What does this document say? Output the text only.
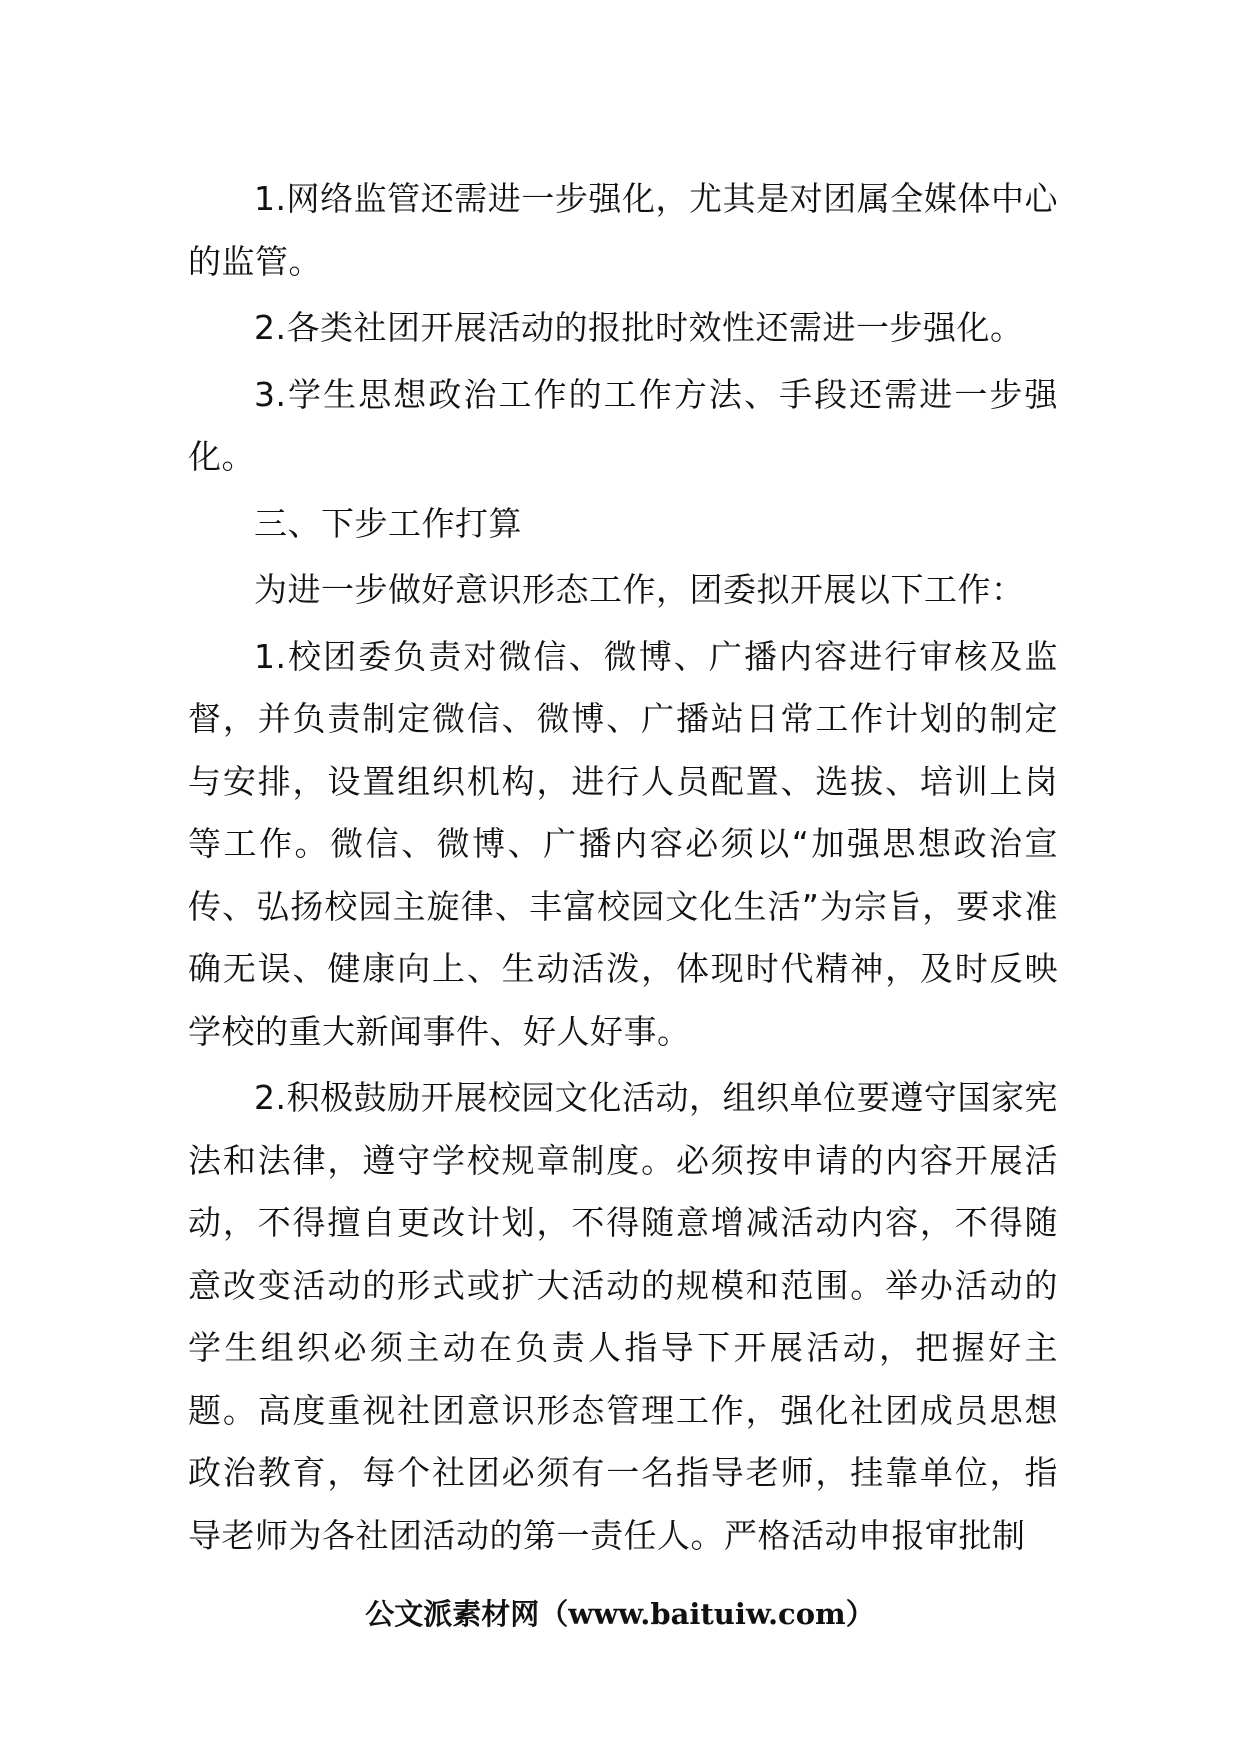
1.网络监管还需进一步强化，尤其是对团属全媒体中心的监管。

2.各类社团开展活动的报批时效性还需进一步强化。

3.学生思想政治工作的工作方法、手段还需进一步强化。

三、下步工作打算

为进一步做好意识形态工作，团委拟开展以下工作：

1.校团委负责对微信、微博、广播内容进行审核及监督，并负责制定微信、微博、广播站日常工作计划的制定与安排，设置组织机构，进行人员配置、选拔、培训上岗等工作。微信、微博、广播内容必须以“加强思想政治宣传、弘扬校园主旋律、丰富校园文化生活”为宗旨，要求准确无误、健康向上、生动活泼，体现时代精神，及时反映学校的重大新闻事件、好人好事。

2.积极鼓励开展校园文化活动，组织单位要遵守国家宪法和法律，遵守学校规章制度。必须按申请的内容开展活动，不得擅自更改计划，不得随意增减活动内容，不得随意改变活动的形式或扩大活动的规模和范围。举办活动的学生组织必须主动在负责人指导下开展活动，把握好主题。高度重视社团意识形态管理工作，强化社团成员思想政治教育，每个社团必须有一名指导老师，挂靠单位，指导老师为各社团活动的第一责任人。严格活动申报审批制

公文派素材网（www.baituiw.com）
